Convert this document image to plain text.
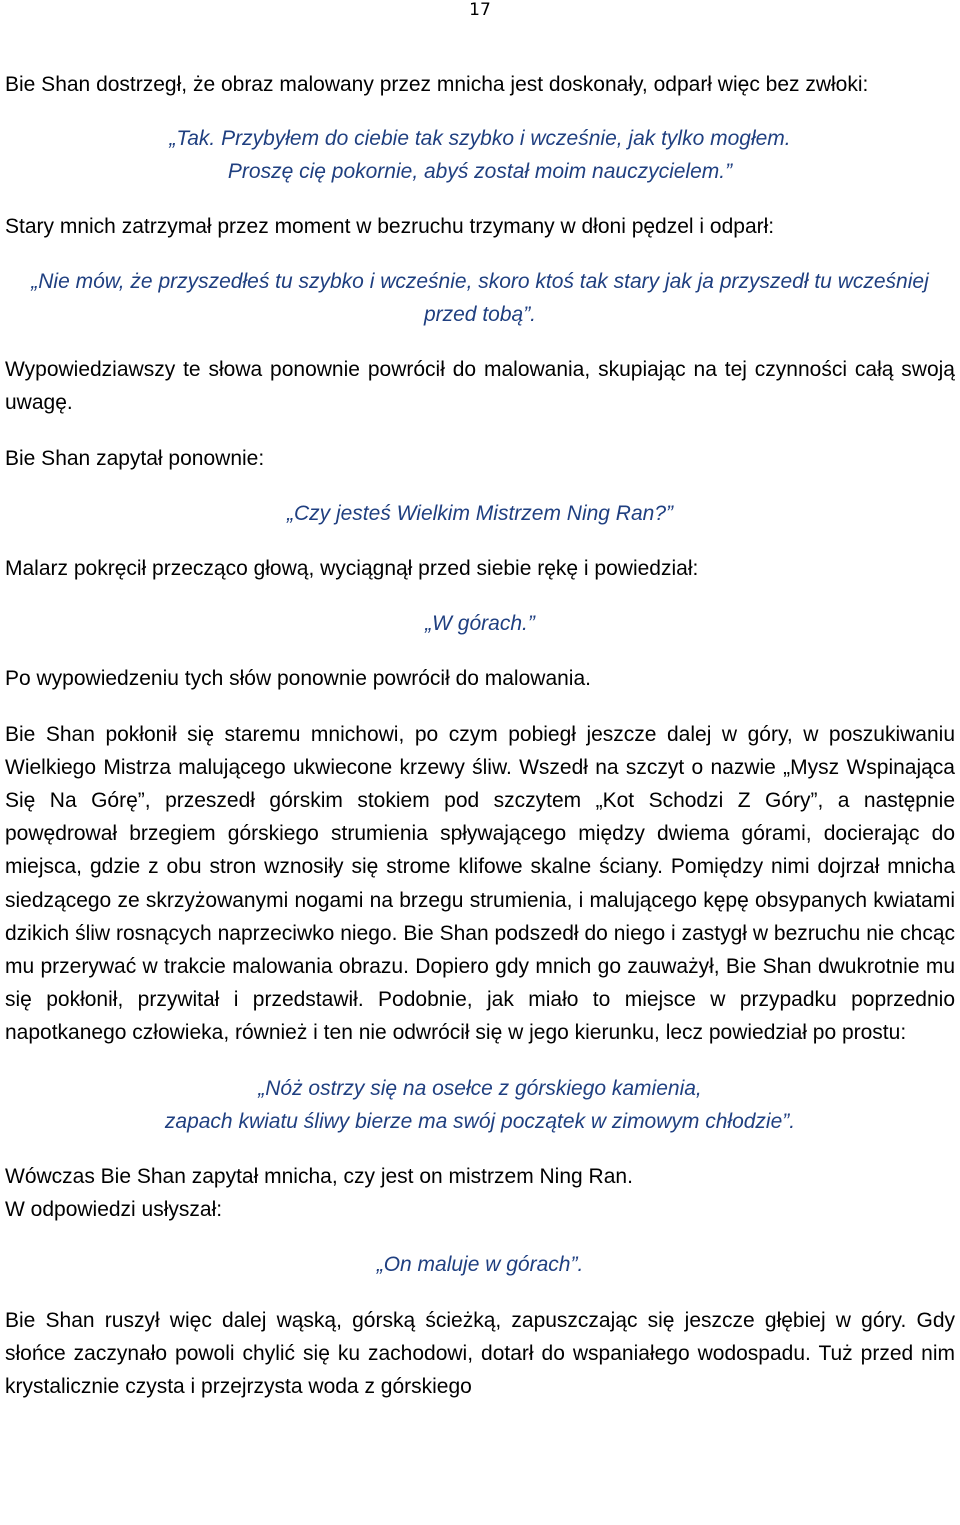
17

Bie Shan dostrzegł, że obraz malowany przez mnicha jest doskonały, odparł więc bez zwłoki:

„Tak. Przybyłem do ciebie tak szybko i wcześnie, jak tylko mogłem.

Proszę cię pokornie, abyś został moim nauczycielem.”

Stary mnich zatrzymał przez moment w bezruchu trzymany w dłoni pędzel i odparł:

„Nie mów, że przyszedłeś tu szybko i wcześnie, skoro ktoś tak stary jak ja przyszedł tu wcześniej przed tobą”.

Wypowiedziawszy te słowa ponownie powrócił do malowania, skupiając na tej czynności całą swoją uwagę.

Bie Shan zapytał ponownie:

„Czy jesteś Wielkim Mistrzem Ning Ran?”

Malarz pokręcił przecząco głową, wyciągnął przed siebie rękę i powiedział:

„W górach.”

Po wypowiedzeniu tych słów ponownie powrócił do malowania.

Bie Shan pokłonił się staremu mnichowi, po czym pobiegł jeszcze dalej w góry, w poszukiwaniu Wielkiego Mistrza malującego ukwiecone krzewy śliw. Wszedł na szczyt o nazwie „Mysz Wspinająca Się Na Górę”, przeszedł górskim stokiem pod szczytem „Kot Schodzi Z Góry”, a następnie powędrował brzegiem górskiego strumienia spływającego między dwiema górami, docierając do miejsca, gdzie z obu stron wznosiły się strome klifowe skalne ściany. Pomiędzy nimi dojrzał mnicha siedzącego ze skrzyżowanymi nogami na brzegu strumienia, i malującego kępę obsypanych kwiatami dzikich śliw rosnących naprzeciwko niego. Bie Shan podszedł do niego i zastygł w bezruchu nie chcąc mu przerywać w trakcie malowania obrazu. Dopiero gdy mnich go zauważył, Bie Shan dwukrotnie mu się pokłonił, przywitał i przedstawił. Podobnie, jak miało to miejsce w przypadku poprzednio napotkanego człowieka, również i ten nie odwrócił się w jego kierunku, lecz powiedział po prostu:

„Nóż ostrzy się na osełce z górskiego kamienia,

zapach kwiatu śliwy bierze ma swój początek w zimowym chłodzie”.

Wówczas Bie Shan zapytał mnicha, czy jest on mistrzem Ning Ran.

W odpowiedzi usłyszał:

„On maluje w górach”.

Bie Shan ruszył więc dalej wąską, górską ścieżką, zapuszczając się jeszcze głębiej w góry. Gdy słońce zaczynało powoli chylić się ku zachodowi, dotarł do wspaniałego wodospadu. Tuż przed nim krystalicznie czysta i przejrzysta woda z górskiego
